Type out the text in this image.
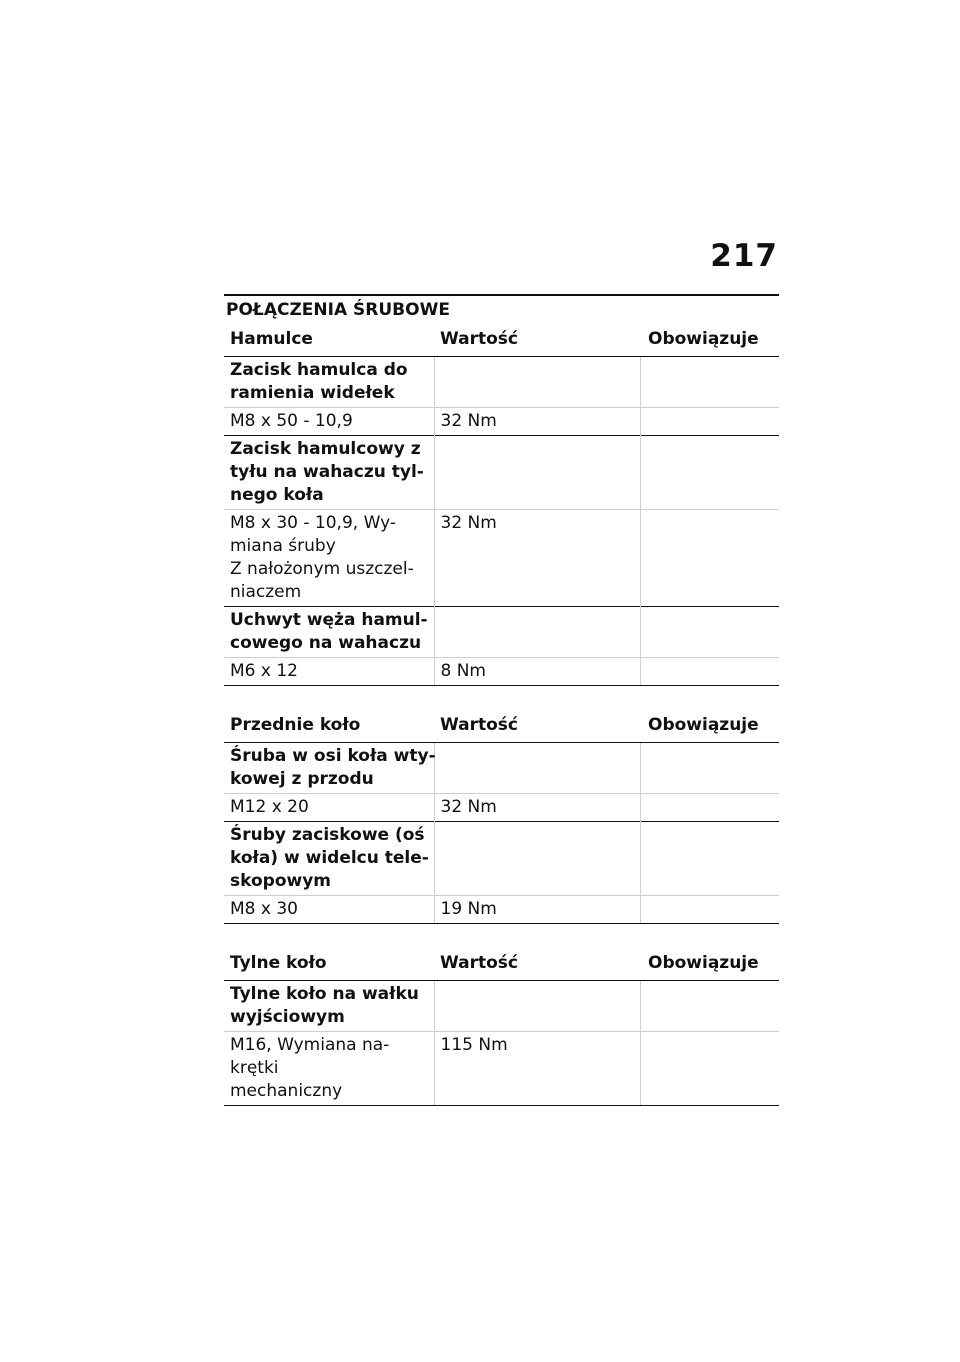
217
POŁĄCZENIA ŚRUBOWE
Hamulce	Wartość	Obowiązuje

Zacisk hamulca do
ramienia widełek		

M8 x 50 - 10,9	32 Nm	

Zacisk hamulcowy z
tyłu na wahaczu tyl-
nego koła		

M8 x 30 - 10,9, Wy-
miana śruby
Z nałożonym uszczel-
niaczem	32 Nm	

Uchwyt węża hamul-
cowego na wahaczu		

M6 x 12	8 Nm	
Przednie koło	Wartość	Obowiązuje

Śruba w osi koła wty-
kowej z przodu		

M12 x 20	32 Nm	

Śruby zaciskowe (oś
koła) w widelcu tele-
skopowym		

M8 x 30	19 Nm	
Tylne koło	Wartość	Obowiązuje

Tylne koło na wałku
wyjściowym		

M16, Wymiana na-
krętki
mechaniczny	115 Nm	
